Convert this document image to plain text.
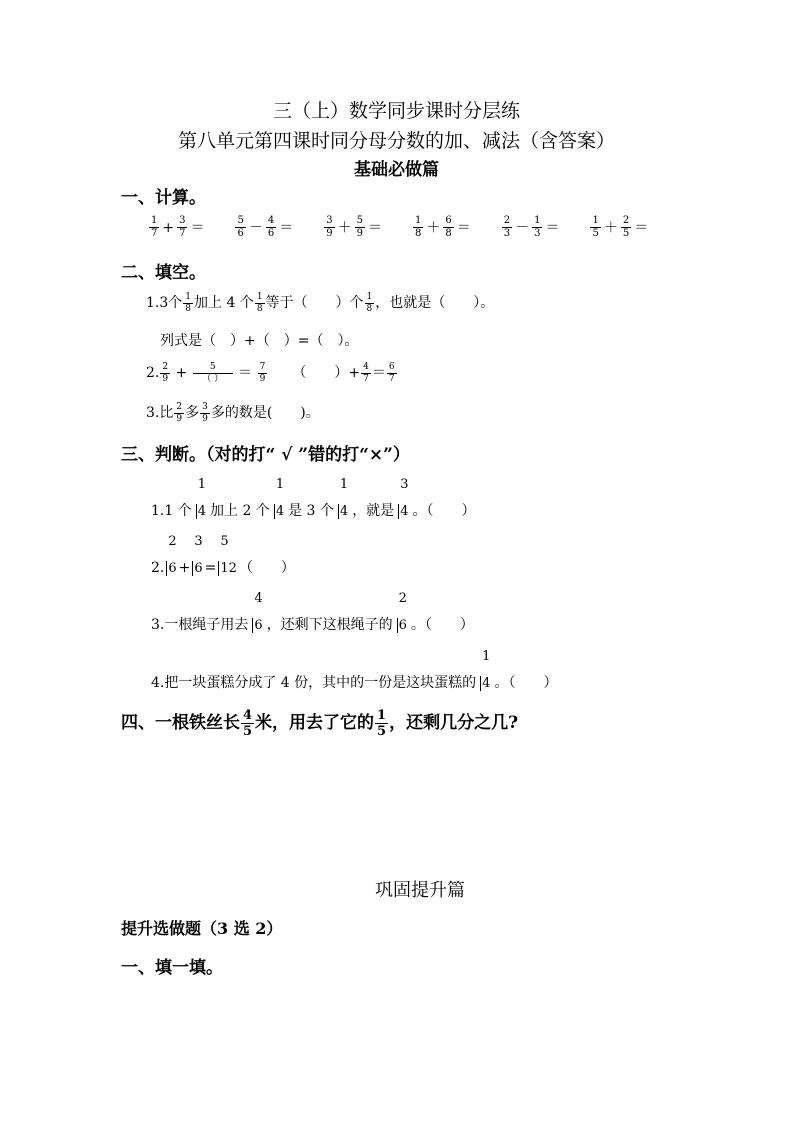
三（上）数学同步课时分层练
第八单元第四课时同分母分数的加、减法（含答案）
基础必做篇
一、计算。
$\frac{1}{7} + \frac{3}{7}$ ＝	$\frac{5}{6} - \frac{4}{6}$ ＝	$\frac{3}{9} + \frac{5}{9}$ ＝	$\frac{1}{8} + \frac{6}{8}$ ＝	$\frac{2}{3} - \frac{1}{3}$ ＝	$\frac{1}{5} + \frac{2}{5}$ ＝
二、填空。
1.3个 $\frac{1}{8}$ 加上 4 个 $\frac{1}{8}$ 等于（　　）个 $\frac{1}{8}$ ，也就是（　　）。
列式是（　）+（　）=（　）。
2. $\frac{2}{9} + \frac{5}{( )} = \frac{7}{9}$ （　　）+ $\frac{4}{7} = \frac{6}{7}$
3.比 $\frac{2}{9}$ 多 $\frac{3}{9}$ 多的数是(　　)。
三、判断。（对的打“ √ ”错的打“×”）
1.1 个
1
4 加上 2 个
1
4 是 3 个
1
4 ，就是
3
4 。（　　）
2.
2
6 +
3
6 =
5
12 （　　）
3.一根绳子用去
4
6 ，还剩下这根绳子的
2
6 。（　　）
4.把一块蛋糕分成了 4 份，其中的一份是这块蛋糕的
1
4 。（　　）
四、一根铁丝长 $\frac{4}{5}$ 米，用去了它的 $\frac{1}{5}$ ，还剩几分之几?
巩固提升篇
提升选做题（3 选 2）
一、填一填。
